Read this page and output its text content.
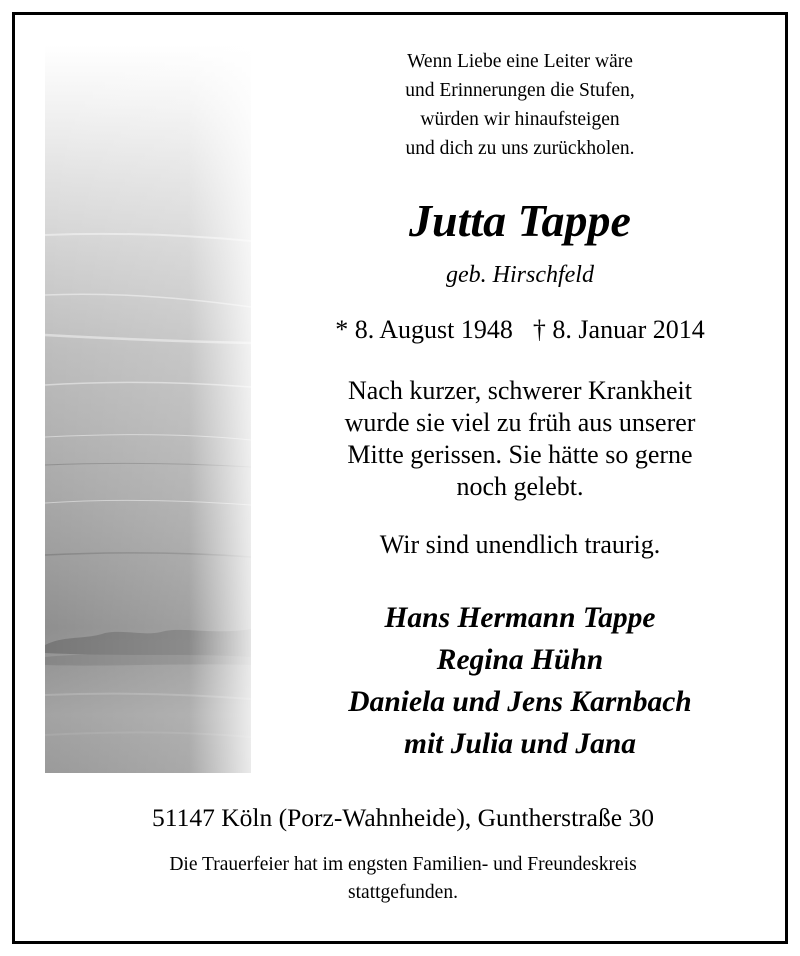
Wenn Liebe eine Leiter wäre
und Erinnerungen die Stufen,
würden wir hinaufsteigen
und dich zu uns zurückholen.
Jutta Tappe
geb. Hirschfeld
* 8. August 1948 † 8. Januar 2014
Nach kurzer, schwerer Krankheit
wurde sie viel zu früh aus unserer
Mitte gerissen. Sie hätte so gerne
noch gelebt.
Wir sind unendlich traurig.
Hans Hermann Tappe
Regina Hühn
Daniela und Jens Karnbach
mit Julia und Jana
51147 Köln (Porz-Wahnheide), Guntherstraße 30
Die Trauerfeier hat im engsten Familien- und Freundeskreis
stattgefunden.
